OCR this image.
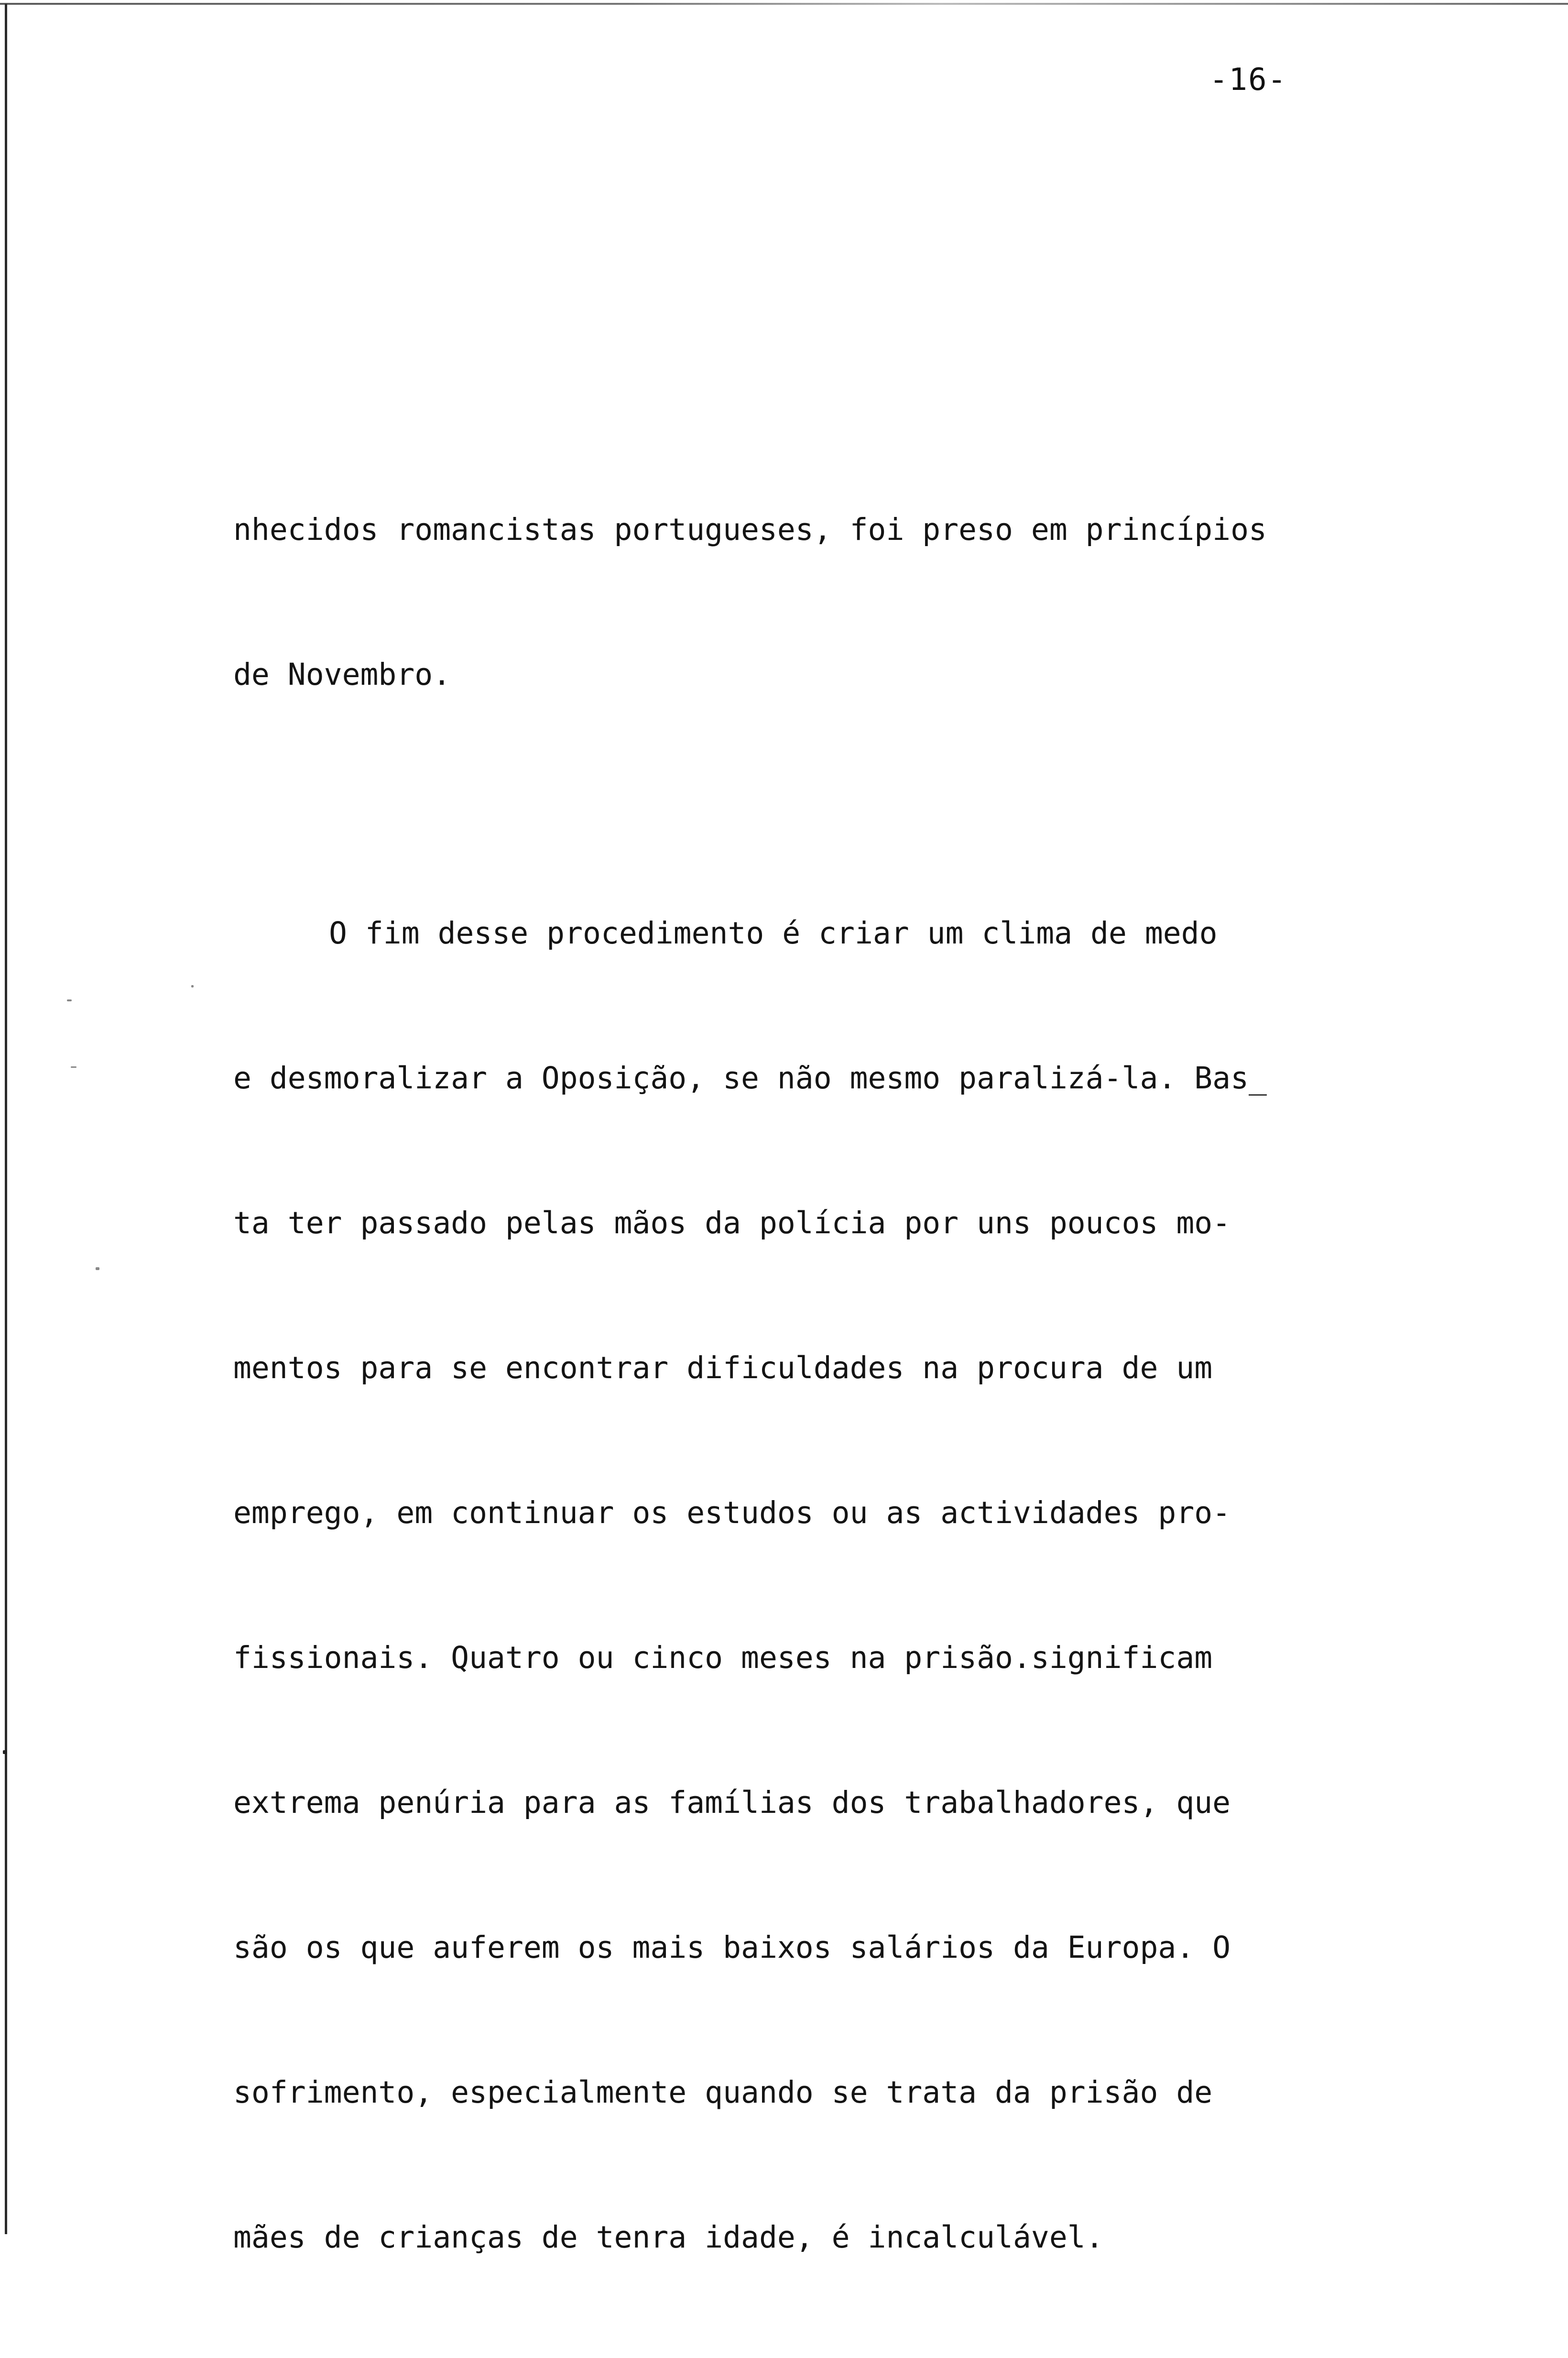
-16-

nhecidos romancistas portugueses, foi preso em princípios

de Novembro.

O fim desse procedimento é criar um clima de medo

e desmoralizar a Oposição, se não mesmo paralizá-la. Bas_

ta ter passado pelas mãos da polícia por uns poucos mo-

mentos para se encontrar dificuldades na procura de um

emprego, em continuar os estudos ou as actividades pro-

fissionais. Quatro ou cinco meses na prisão.significam

extrema penúria para as famílias dos trabalhadores, que

são os que auferem os mais baixos salários da Europa. O

sofrimento, especialmente quando se trata da prisão de

mães de crianças de tenra idade, é incalculável.
